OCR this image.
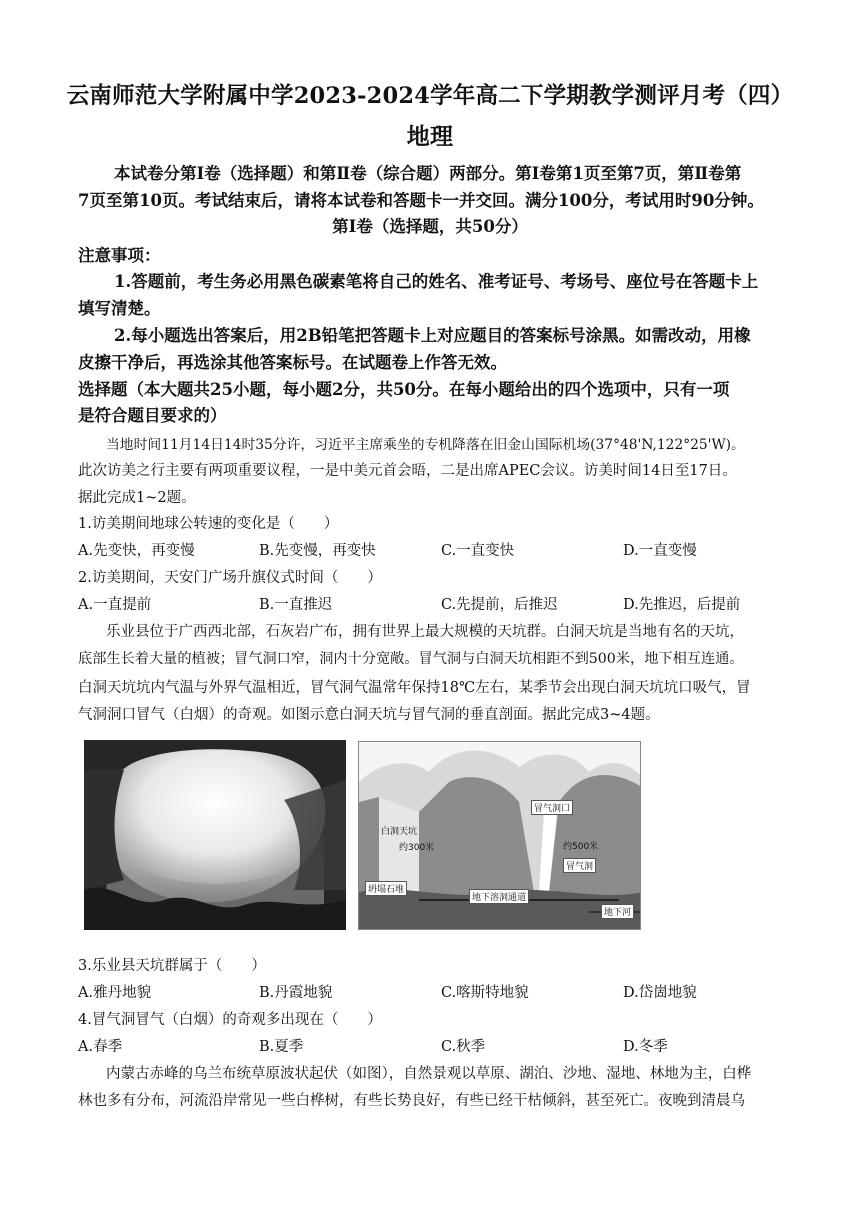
云南师范大学附属中学2023-2024学年高二下学期教学测评月考（四）
地理
本试卷分第Ⅰ卷（选择题）和第Ⅱ卷（综合题）两部分。第Ⅰ卷第1页至第7页，第Ⅱ卷第
7页至第10页。考试结束后，请将本试卷和答题卡一并交回。满分100分，考试用时90分钟。
第Ⅰ卷（选择题，共50分）
注意事项：
1.答题前，考生务必用黑色碳素笔将自己的姓名、准考证号、考场号、座位号在答题卡上
填写清楚。
2.每小题选出答案后，用2B铅笔把答题卡上对应题目的答案标号涂黑。如需改动，用橡
皮擦干净后，再选涂其他答案标号。在试题卷上作答无效。
选择题（本大题共25小题，每小题2分，共50分。在每小题给出的四个选项中，只有一项
是符合题目要求的）
当地时间11月14日14时35分许，习近平主席乘坐的专机降落在旧金山国际机场(37°48'N,122°25'W)。
此次访美之行主要有两项重要议程，一是中美元首会晤，二是出席APEC会议。访美时间14日至17日。
据此完成1~2题。
1.访美期间地球公转速的变化是（　　）
A.先变快，再变慢	B.先变慢，再变快	C.一直变快	D.一直变慢
2.访美期间，天安门广场升旗仪式时间（　　）
A.一直提前	B.一直推迟	C.先提前，后推迟	D.先推迟，后提前
乐业县位于广西西北部，石灰岩广布，拥有世界上最大规模的天坑群。白洞天坑是当地有名的天坑，
底部生长着大量的植被；冒气洞口窄，洞内十分宽敞。冒气洞与白洞天坑相距不到500米，地下相互连通。
白洞天坑坑内气温与外界气温相近，冒气洞气温常年保持18℃左右，某季节会出现白洞天坑坑口吸气，冒
气洞洞口冒气（白烟）的奇观。如图示意白洞天坑与冒气洞的垂直剖面。据此完成3~4题。
冒气洞口
白洞天坑
约300米	约500米
冒气洞
坍塌石堆
地下溶洞通道
地下河
3.乐业县天坑群属于（　　）
A.雅丹地貌	B.丹霞地貌	C.喀斯特地貌	D.岱崮地貌
4.冒气洞冒气（白烟）的奇观多出现在（　　）
A.春季	B.夏季	C.秋季	D.冬季
内蒙古赤峰的乌兰布统草原波状起伏（如图），自然景观以草原、湖泊、沙地、湿地、林地为主，白桦
林也多有分布，河流沿岸常见一些白桦树，有些长势良好，有些已经干枯倾斜，甚至死亡。夜晚到清晨乌
